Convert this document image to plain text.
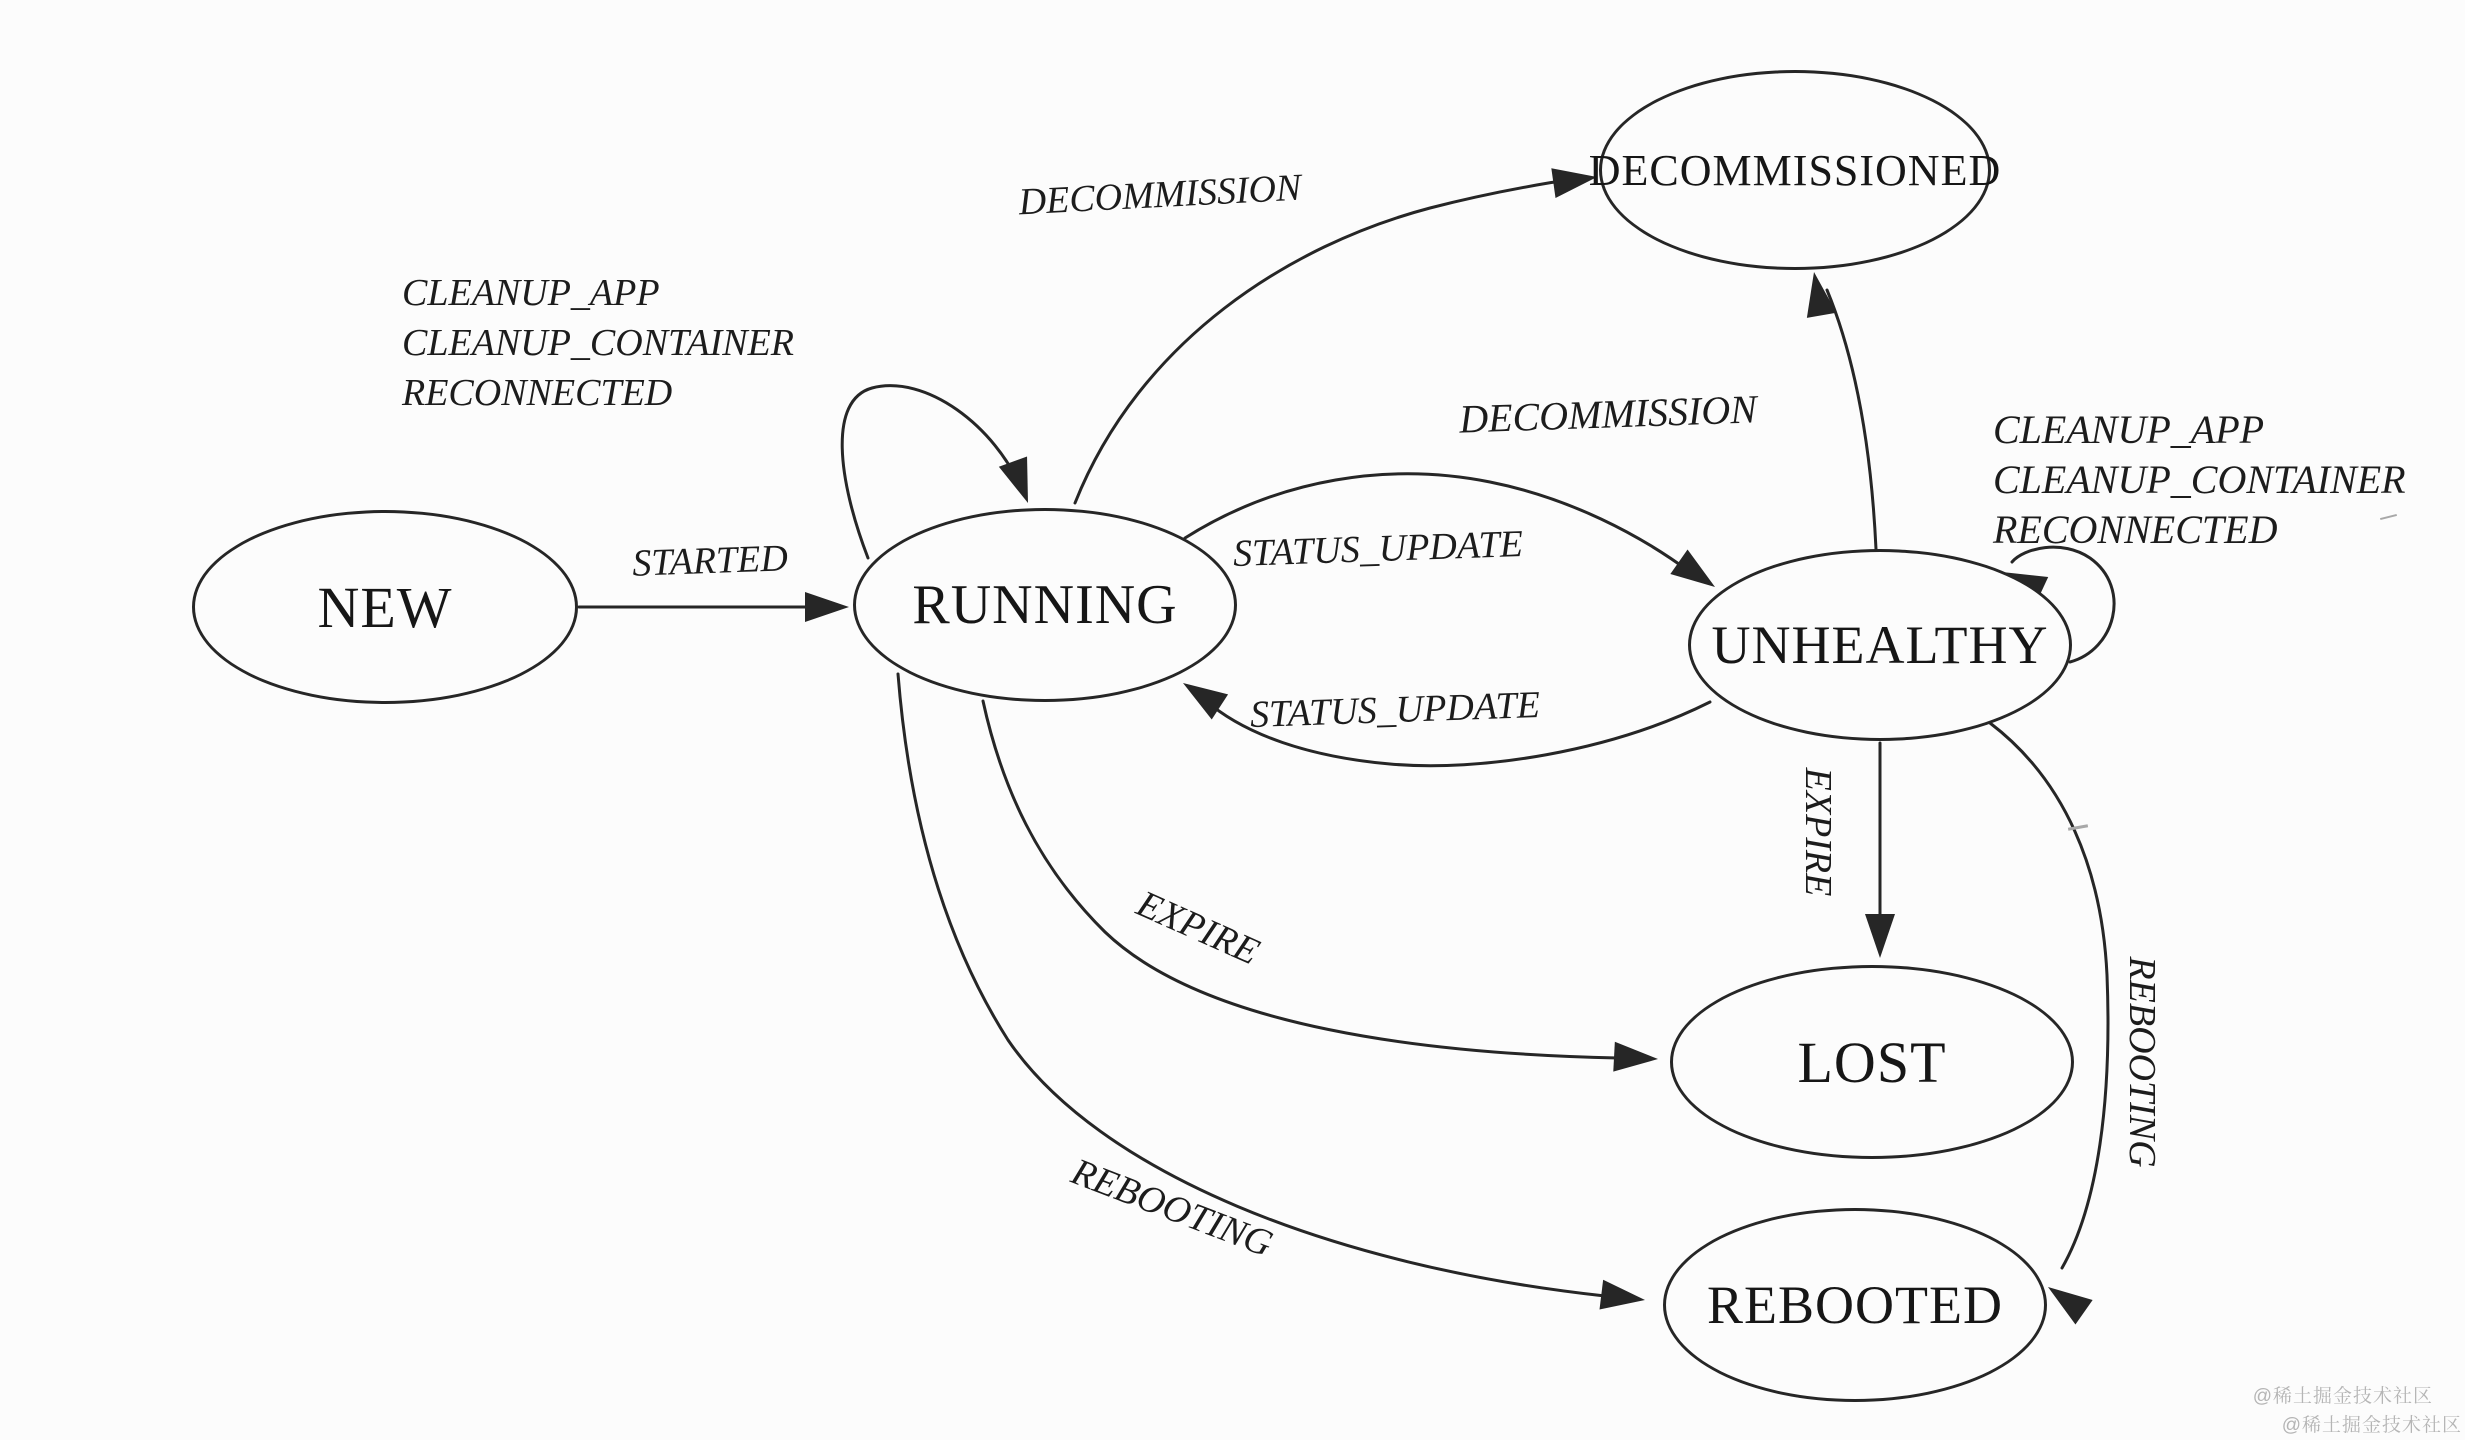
NEW	RUNNING
DECOMMISSIONED
UNHEALTHY
LOST
REBOOTED
STARTED
CLEANUP_APP
CLEANUP_CONTAINER
RECONNECTED
DECOMMISSION
STATUS_UPDATE
STATUS_UPDATE
EXPIRE
REBOOTING
DECOMMISSION	CLEANUP_APP
CLEANUP_CONTAINER
RECONNECTED
EXPIRE
REBOOTING
@稀土掘金技术社区
@稀土掘金技术社区
